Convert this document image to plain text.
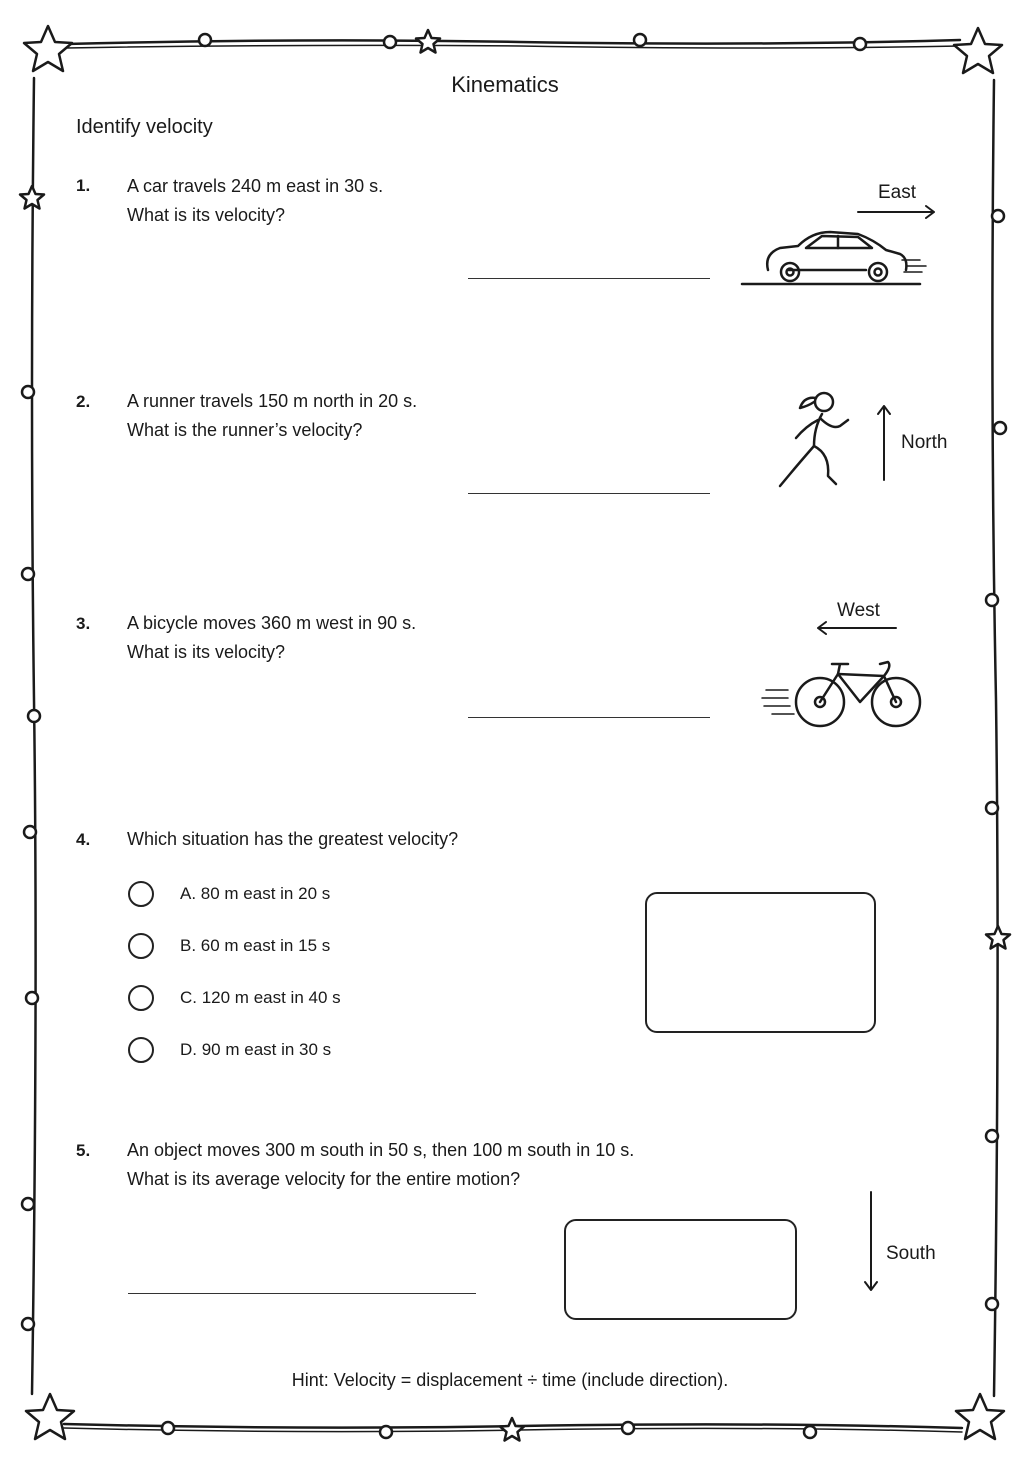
Kinematics
Identify velocity
1. A car travels 240 m east in 30 s.
What is its velocity?
East
2. A runner travels 150 m north in 20 s.
What is the runner’s velocity?
North
3. A bicycle moves 360 m west in 90 s.
What is its velocity?
West
4. Which situation has the greatest velocity?
A. 80 m east in 20 s
B. 60 m east in 15 s
C. 120 m east in 40 s
D. 90 m east in 30 s
5. An object moves 300 m south in 50 s, then 100 m south in 10 s.
What is its average velocity for the entire motion?
South
Hint: Velocity = displacement ÷ time (include direction).
